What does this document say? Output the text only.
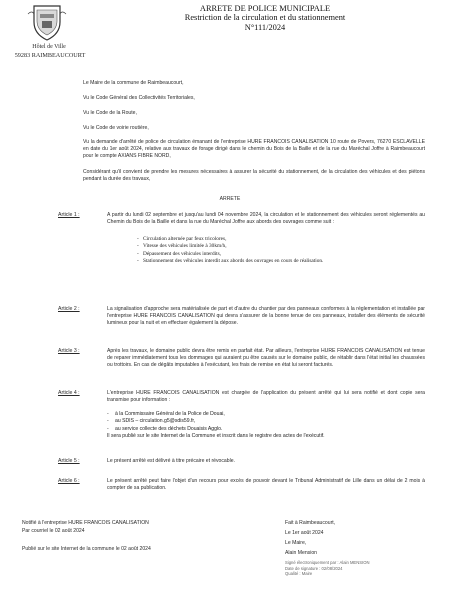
Hôtel de Ville
59283 RAIMBEAUCOURT
ARRETE DE POLICE MUNICIPALE
Restriction de la circulation et du stationnement
N°111/2024
Le Maire de la commune de Raimbeaucourt,
Vu le Code Général des Collectivités Territoriales,
Vu le Code de la Route,
Vu le Code de voirie routière,
Vu la demande d'arrêté de police de circulation émanant de l'entreprise HURE FRANCOIS CANALISATION 10 route de Povers, 76270 ESCLAVELLE en date du 1er août 2024, relative aux travaux de forage dirigé dans le chemin du Bois de la Baille et de la rue du Maréchal Joffre à Raimbeaucourt pour le compte AXIANS FIBRE NORD,
Considérant qu'il convient de prendre les mesures nécessaires à assurer la sécurité du stationnement, de la circulation des véhicules et des piétons pendant la durée des travaux,
ARRETE
Article 1 :	A partir du lundi 02 septembre et jusqu'au lundi 04 novembre 2024, la circulation et le stationnement des véhicules seront réglementés au Chemin du Bois de la Baille et dans la rue du Maréchal Joffre aux abords des ouvrages comme suit :
- Circulation alternée par feux tricolores,
- Vitesse des véhicules limitée à 30km/h,
- Dépassement des véhicules interdits,
- Stationnement des véhicules interdit aux abords des ouvrages en cours de réalisation.
Article 2 :	La signalisation d'approche sera matérialisée de part et d'autre du chantier par des panneaux conformes à la réglementation et installée par l'entreprise HURE FRANCOIS CANALISATION qui devra s'assurer de la bonne tenue de ces panneaux, installer des éléments de sécurité lumineux pour la nuit et en effectuer également la dépose.
Article 3 :	Après les travaux, le domaine public devra être remis en parfait état. Par ailleurs, l'entreprise HURE FRANCOIS CANALISATION est tenue de reparer immédiatement tous les dommages qui auraient pu être causés sur le domaine public, de rétablir dans l'état initial les chaussées ou trottoirs. En cas de dégâts imputables à l'exécutant, les frais de remise en état lui seront facturés.
Article 4 :	L'entreprise HURE FRANCOIS CANALISATION est chargée de l'application du présent arrêté qui lui sera notifié et dont copie sera transmise pour information :
- à la Commissaire Général de la Police de Douai,
- au SDIS – circulation.g5@sdis59.fr,
- au service collecte des déchets Douaisis Agglo.
Il sera publié sur le site Internet de la Commune et inscrit dans le registre des actes de l'exécutif.
Article 5 :	Le présent arrêté est délivré à titre précaire et révocable.
Article 6 :	Le présent arrêté peut faire l'objet d'un recours pour excès de pouvoir devant le Tribunal Administratif de Lille dans un délai de 2 mois à compter de sa publication.
Notifié à l'entreprise HURE FRANCOIS CANALISATION
Par courriel le 02 août 2024
Publié sur le site Internet de la commune le 02 août 2024
Fait à Raimbeaucourt,
Le 1er août 2024
Le Maire,
Alain Mension
Signé électroniquement par : Alain MENSION
Date de signature : 02/08/2024
Qualité : Maire
